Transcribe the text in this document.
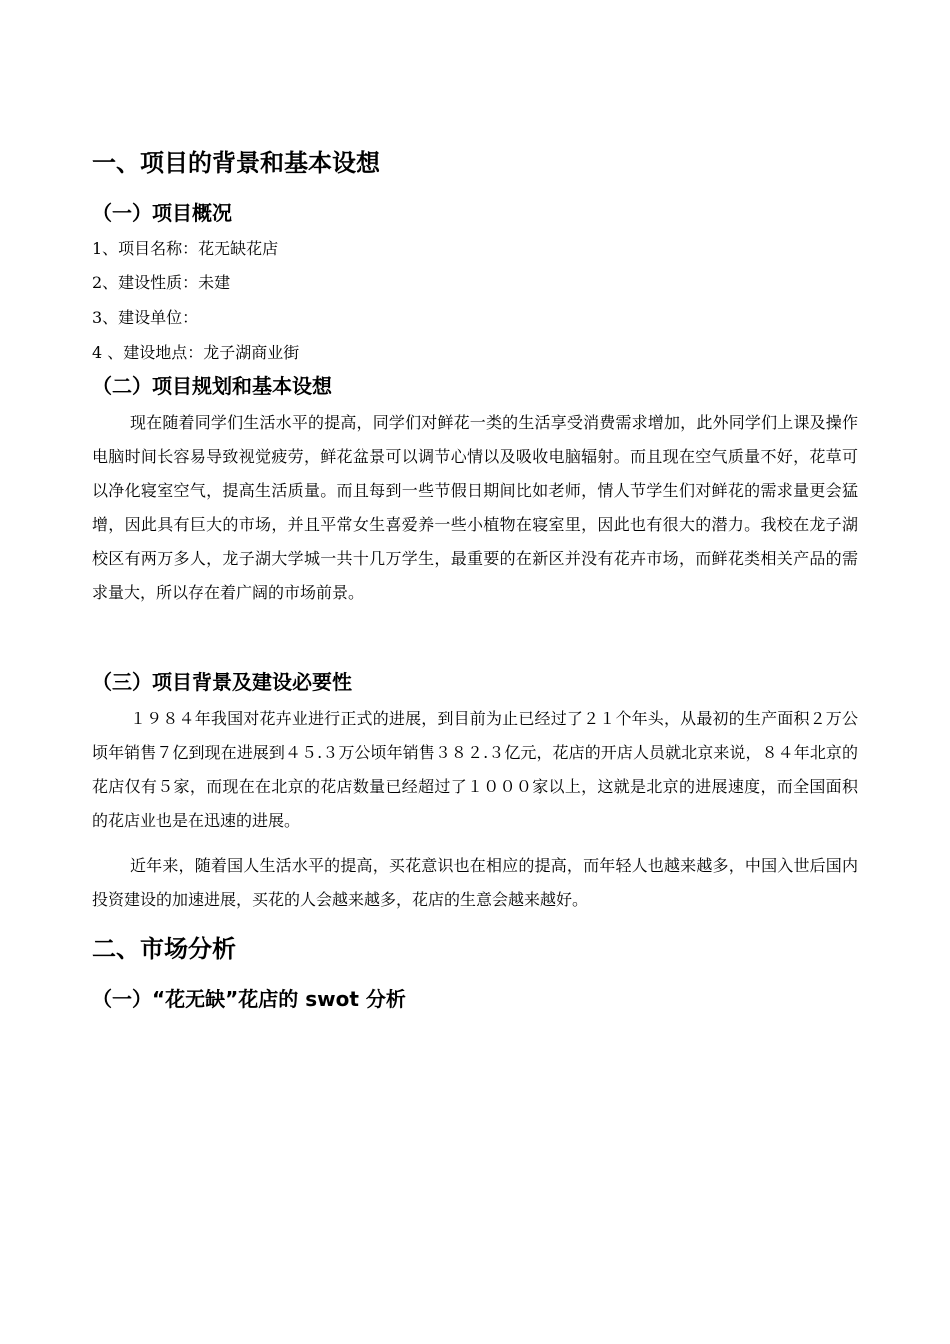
一、项目的背景和基本设想
（一）项目概况
1、项目名称：花无缺花店
2、建设性质：未建
3、建设单位：
4 、建设地点：龙子湖商业街
（二）项目规划和基本设想

现在随着同学们生活水平的提高，同学们对鲜花一类的生活享受消费需求增加，此外同学们上课及操作电脑时间长容易导致视觉疲劳，鲜花盆景可以调节心情以及吸收电脑辐射。而且现在空气质量不好，花草可以净化寝室空气，提高生活质量。而且每到一些节假日期间比如老师，情人节学生们对鲜花的需求量更会猛增，因此具有巨大的市场，并且平常女生喜爱养一些小植物在寝室里，因此也有很大的潜力。我校在龙子湖校区有两万多人，龙子湖大学城一共十几万学生，最重要的在新区并没有花卉市场，而鲜花类相关产品的需求量大，所以存在着广阔的市场前景。

（三）项目背景及建设必要性

１９８４年我国对花卉业进行正式的进展，到目前为止已经过了２１个年头，从最初的生产面积２万公顷年销售７亿到现在进展到４５.３万公顷年销售３８２.３亿元，花店的开店人员就北京来说，８４年北京的花店仅有５家，而现在在北京的花店数量已经超过了１０００家以上，这就是北京的进展速度，而全国面积的花店业也是在迅速的进展。

近年来，随着国人生活水平的提高，买花意识也在相应的提高，而年轻人也越来越多，中国入世后国内投资建设的加速进展，买花的人会越来越多，花店的生意会越来越好。

二、市场分析
（一）“花无缺”花店的 swot 分析
